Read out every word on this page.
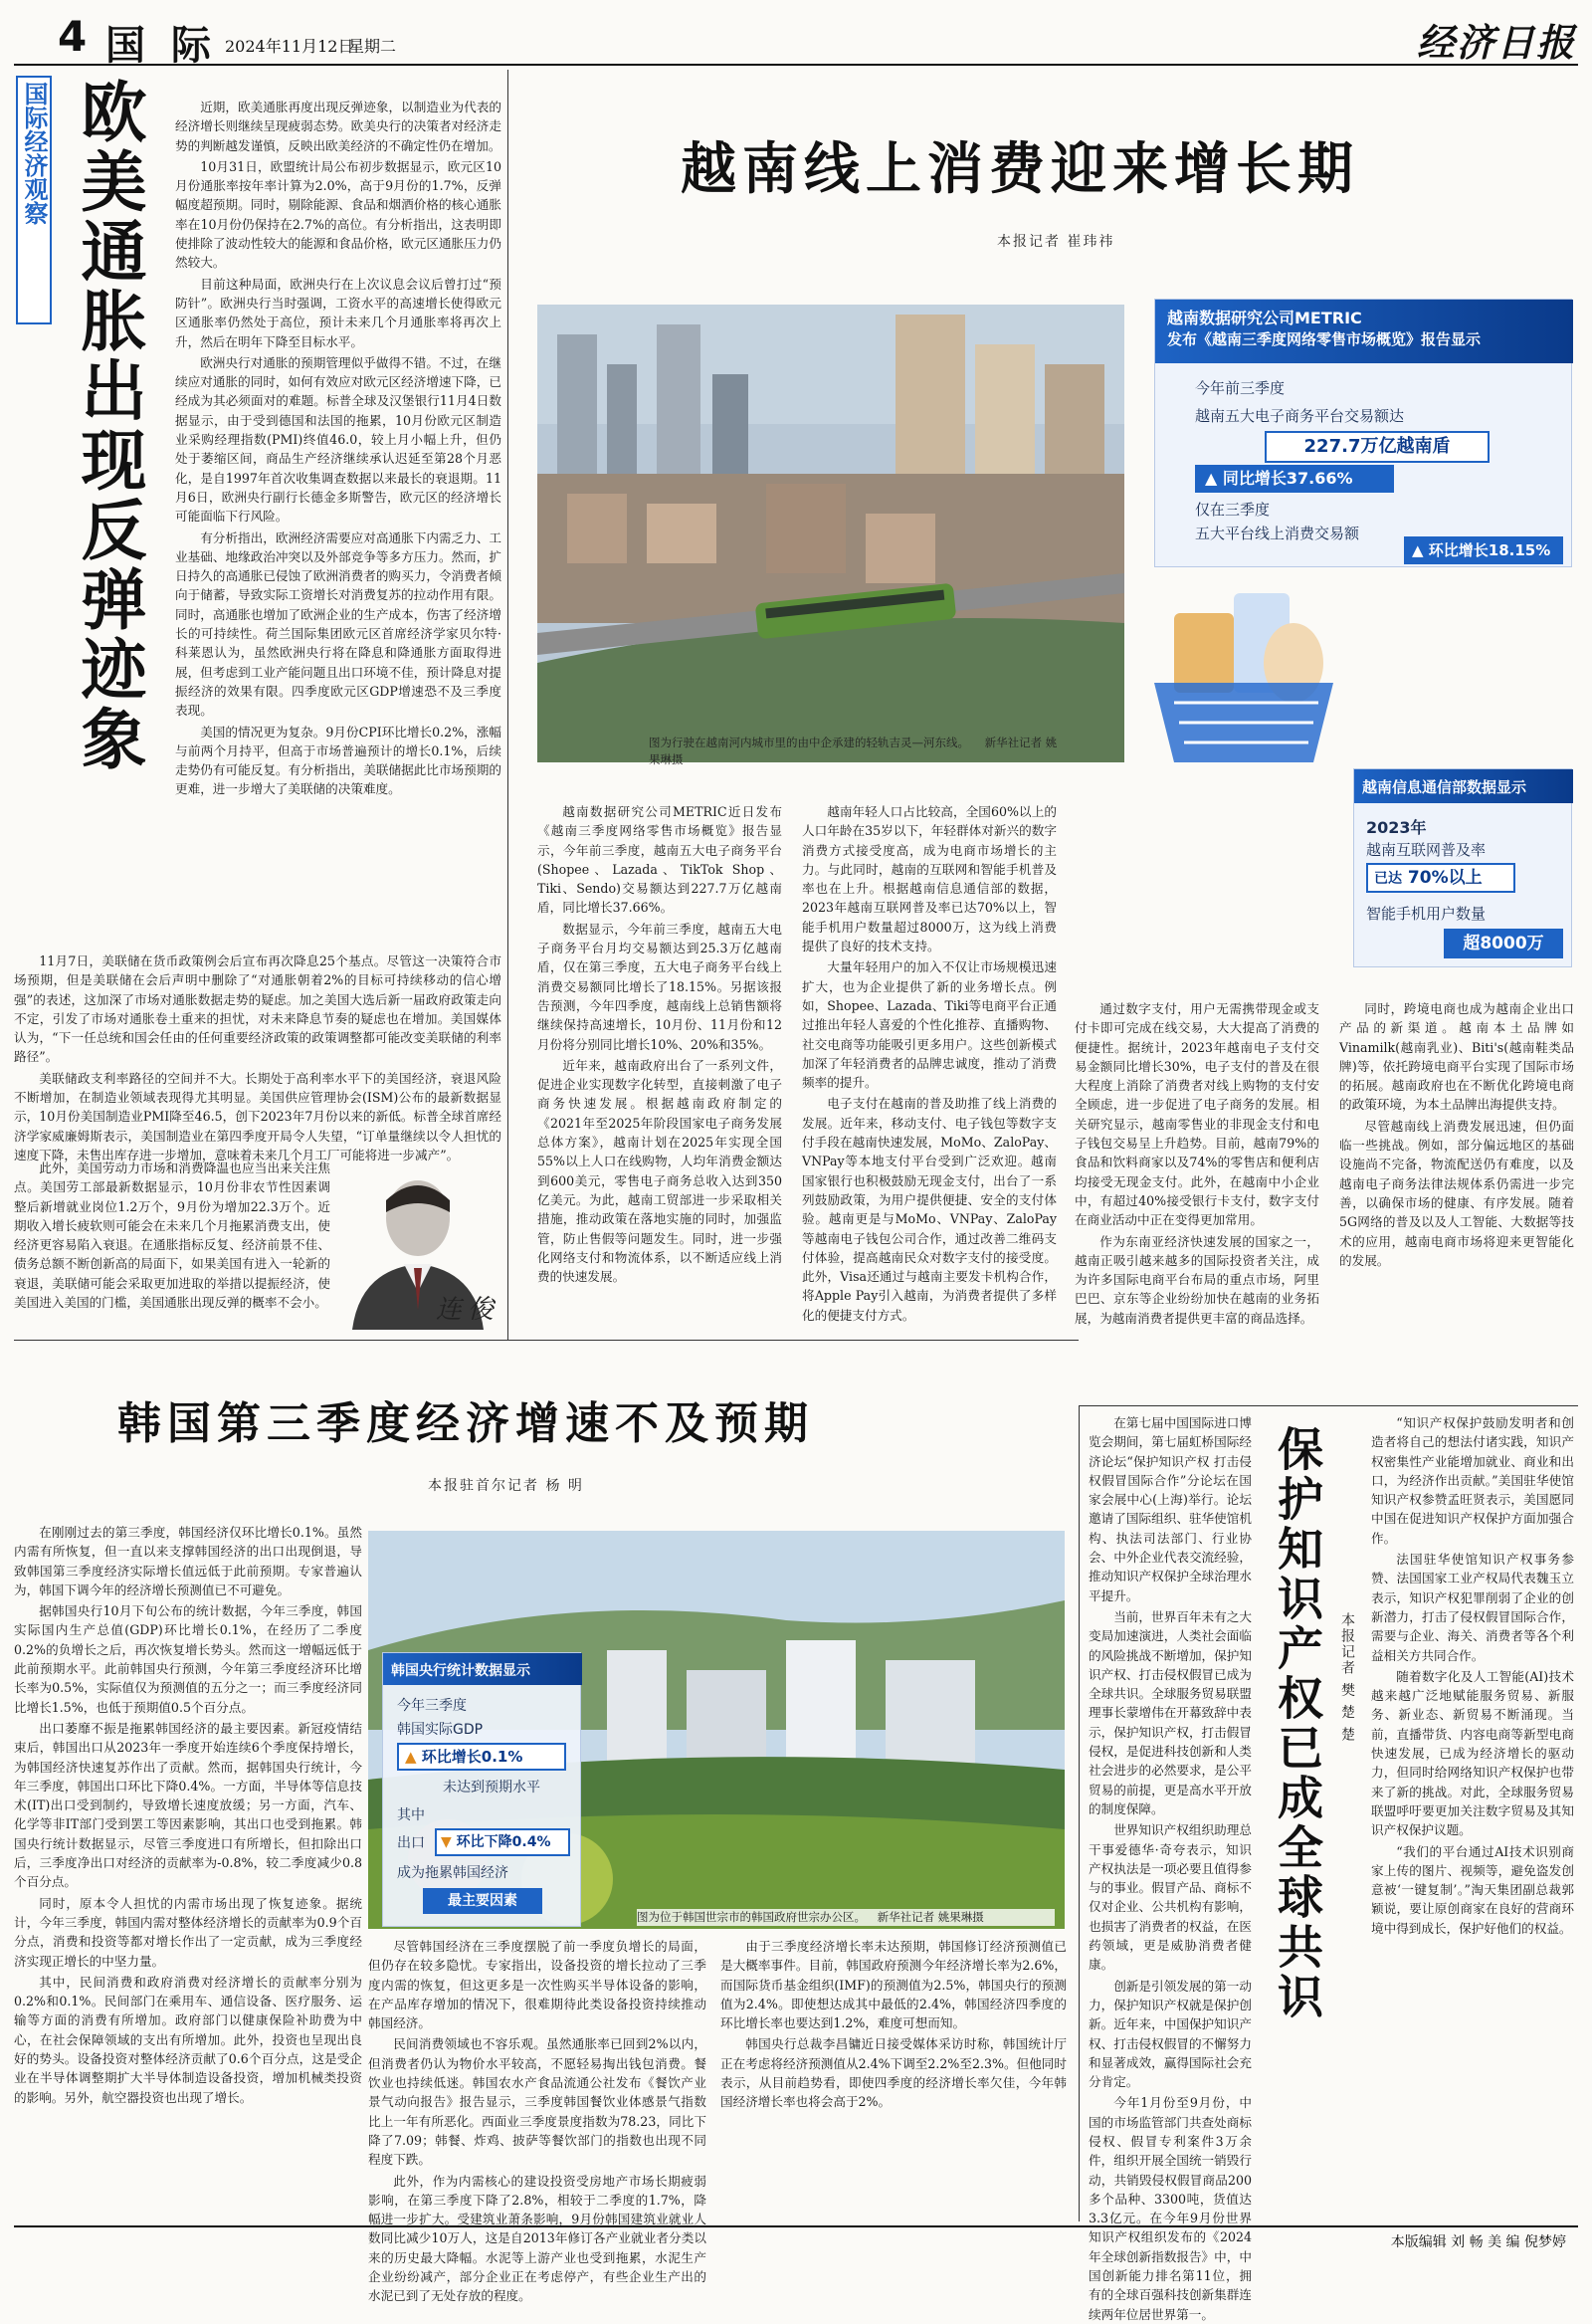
4 国 际 2024年11月12日
星期二	经济日报
国际经济观察 欧美通胀出现反弹迹象	近期，欧美通胀再度出现反弹迹象，以制造业为代表的经济增长则继续呈现疲弱态势。欧美央行的决策者对经济走势的判断越发谨慎，反映出欧美经济的不确定性仍在增加。

10月31日，欧盟统计局公布初步数据显示，欧元区10月份通胀率按年率计算为2.0%，高于9月份的1.7%，反弹幅度超预期。同时，剔除能源、食品和烟酒价格的核心通胀率在10月份仍保持在2.7%的高位。有分析指出，这表明即使排除了波动性较大的能源和食品价格，欧元区通胀压力仍然较大。

目前这种局面，欧洲央行在上次议息会议后曾打过“预防针”。欧洲央行当时强调，工资水平的高速增长使得欧元区通胀率仍然处于高位，预计未来几个月通胀率将再次上升，然后在明年下降至目标水平。

欧洲央行对通胀的预期管理似乎做得不错。不过，在继续应对通胀的同时，如何有效应对欧元区经济增速下降，已经成为其必须面对的难题。标普全球及汉堡银行11月4日数据显示，由于受到德国和法国的拖累，10月份欧元区制造业采购经理指数(PMI)终值46.0，较上月小幅上升，但仍处于萎缩区间，商品生产经济继续承认迟延至第28个月恶化，是自1997年首次收集调查数据以来最长的衰退期。11月6日，欧洲央行副行长德金多斯警告，欧元区的经济增长可能面临下行风险。

有分析指出，欧洲经济需要应对高通胀下内需乏力、工业基础、地缘政治冲突以及外部竞争等多方压力。然而，扩日持久的高通胀已侵蚀了欧洲消费者的购买力，令消费者倾向于储蓄，导致实际工资增长对消费复苏的拉动作用有限。同时，高通胀也增加了欧洲企业的生产成本，伤害了经济增长的可持续性。荷兰国际集团欧元区首席经济学家贝尔特·科莱恩认为，虽然欧洲央行将在降息和降通胀方面取得进展，但考虑到工业产能问题且出口环境不佳，预计降息对提振经济的效果有限。四季度欧元区GDP增速恐不及三季度表现。

美国的情况更为复杂。9月份CPI环比增长0.2%，涨幅与前两个月持平，但高于市场普遍预计的增长0.1%，后续走势仍有可能反复。有分析指出，美联储据此比市场预期的更难，进一步增大了美联储的决策难度。

11月7日，美联储在货币政策例会后宣布再次降息25个基点。尽管这一决策符合市场预期，但是美联储在会后声明中删除了“对通胀朝着2%的目标可持续移动的信心增强”的表述，这加深了市场对通胀数据走势的疑虑。加之美国大选后新一届政府政策走向不定，引发了市场对通胀卷土重来的担忧，对未来降息节奏的疑虑也在增加。美国媒体认为，“下一任总统和国会任由的任何重要经济政策的政策调整都可能改变美联储的利率路径”。

美联储政支利率路径的空间并不大。长期处于高利率水平下的美国经济，衰退风险不断增加，在制造业领域表现得尤其明显。美国供应管理协会(ISM)公布的最新数据显示，10月份美国制造业PMI降至46.5，创下2023年7月份以来的新低。标普全球首席经济学家威廉姆斯表示，美国制造业在第四季度开局令人失望，“订单量继续以令人担忧的速度下降，未售出库存进一步增加，意味着未来几个月工厂可能将进一步减产”。

此外，美国劳动力市场和消费降温也应当出来关注焦点。美国劳工部最新数据显示，10月份非农节性因素调整后新增就业岗位1.2万个，9月份为增加22.3万个。近期收入增长疲软则可能会在未来几个月拖累消费支出，使经济更容易陷入衰退。在通胀指标反复、经济前景不佳、债务总额不断创新高的局面下，如果美国有进入一轮新的衰退，美联储可能会采取更加进取的举措以提振经济，使美国进入美国的门槛，美国通胀出现反弹的概率不会小。	连俊
越南线上消费迎来增长期
本报记者 崔玮祎
图为行驶在越南河内城市里的由中企承建的轻轨吉灵—河东线。 新华社记者 姚果琳摄
越南数据研究公司METRIC
发布《越南三季度网络零售市场概览》报告显示
今年前三季度
越南五大电子商务平台交易额达
227.7万亿越南盾
▲ 同比增长37.66%
仅在三季度
五大平台线上消费交易额
▲ 环比增长18.15%
越南信息通信部数据显示
2023年
越南互联网普及率
已达 70%以上
智能手机用户数量
超8000万

越南数据研究公司METRIC近日发布《越南三季度网络零售市场概览》报告显示，今年前三季度，越南五大电子商务平台(Shopee、Lazada、TikTok Shop、Tiki、Sendo)交易额达到227.7万亿越南盾，同比增长37.66%。

数据显示，今年前三季度，越南五大电子商务平台月均交易额达到25.3万亿越南盾，仅在第三季度，五大电子商务平台线上消费交易额同比增长了18.15%。另据该报告预测，今年四季度，越南线上总销售额将继续保持高速增长，10月份、11月份和12月份将分别同比增长10%、20%和35%。

近年来，越南政府出台了一系列文件，促进企业实现数字化转型，直接刺激了电子商务快速发展。根据越南政府制定的《2021年至2025年阶段国家电子商务发展总体方案》，越南计划在2025年实现全国55%以上人口在线购物，人均年消费金额达到600美元，零售电子商务总收入达到350亿美元。为此，越南工贸部进一步采取相关措施，推动政策在落地实施的同时，加强监管，防止售假等问题发生。同时，进一步强化网络支付和物流体系，以不断适应线上消费的快速发展。

越南年轻人口占比较高，全国60%以上的人口年龄在35岁以下，年轻群体对新兴的数字消费方式接受度高，成为电商市场增长的主力。与此同时，越南的互联网和智能手机普及率也在上升。根据越南信息通信部的数据，2023年越南互联网普及率已达70%以上，智能手机用户数量超过8000万，这为线上消费提供了良好的技术支持。

大量年轻用户的加入不仅让市场规模迅速扩大，也为企业提供了新的业务增长点。例如，Shopee、Lazada、Tiki等电商平台正通过推出年轻人喜爱的个性化推荐、直播购物、社交电商等功能吸引更多用户。这些创新模式加深了年轻消费者的品牌忠诚度，推动了消费频率的提升。

电子支付在越南的普及助推了线上消费的发展。近年来，移动支付、电子钱包等数字支付手段在越南快速发展，MoMo、ZaloPay、VNPay等本地支付平台受到广泛欢迎。越南国家银行也积极鼓励无现金支付，出台了一系列鼓励政策，为用户提供便捷、安全的支付体验。越南更是与MoMo、VNPay、ZaloPay等越南电子钱包公司合作，通过改善二维码支付体验，提高越南民众对数字支付的接受度。此外，Visa还通过与越南主要发卡机构合作，将Apple Pay引入越南，为消费者提供了多样化的便捷支付方式。

通过数字支付，用户无需携带现金或支付卡即可完成在线交易，大大提高了消费的便捷性。据统计，2023年越南电子支付交易金额同比增长30%，电子支付的普及在很大程度上消除了消费者对线上购物的支付安全顾虑，进一步促进了电子商务的发展。相关研究显示，越南零售业的非现金支付和电子钱包交易呈上升趋势。目前，越南79%的食品和饮料商家以及74%的零售店和便利店均接受无现金支付。此外，在越南中小企业中，有超过40%接受银行卡支付，数字支付在商业活动中正在变得更加常用。

作为东南亚经济快速发展的国家之一，越南正吸引越来越多的国际投资者关注，成为许多国际电商平台布局的重点市场，阿里巴巴、京东等企业纷纷加快在越南的业务拓展，为越南消费者提供更丰富的商品选择。

同时，跨境电商也成为越南企业出口产品的新渠道。越南本土品牌如Vinamilk(越南乳业)、Biti's(越南鞋类品牌)等，依托跨境电商平台实现了国际市场的拓展。越南政府也在不断优化跨境电商的政策环境，为本土品牌出海提供支持。

尽管越南线上消费发展迅速，但仍面临一些挑战。例如，部分偏远地区的基础设施尚不完备，物流配送仍有难度，以及越南电子商务法律法规体系仍需进一步完善，以确保市场的健康、有序发展。随着5G网络的普及以及人工智能、大数据等技术的应用，越南电商市场将迎来更智能化的发展。

韩国第三季度经济增速不及预期
本报驻首尔记者 杨 明

在刚刚过去的第三季度，韩国经济仅环比增长0.1%。虽然内需有所恢复，但一直以来支撑韩国经济的出口出现倒退，导致韩国第三季度经济实际增长值远低于此前预期。专家普遍认为，韩国下调今年的经济增长预测值已不可避免。

据韩国央行10月下旬公布的统计数据，今年三季度，韩国实际国内生产总值(GDP)环比增长0.1%，在经历了二季度0.2%的负增长之后，再次恢复增长势头。然而这一增幅远低于此前预期水平。此前韩国央行预测，今年第三季度经济环比增长率为0.5%，实际值仅为预测值的五分之一；而三季度经济同比增长1.5%，也低于预期值0.5个百分点。

出口萎靡不振是拖累韩国经济的最主要因素。新冠疫情结束后，韩国出口从2023年一季度开始连续6个季度保持增长，为韩国经济快速复苏作出了贡献。然而，据韩国央行统计，今年三季度，韩国出口环比下降0.4%。一方面，半导体等信息技术(IT)出口受到制约，导致增长速度放缓；另一方面，汽车、化学等非IT部门受到罢工等因素影响，其出口也受到拖累。韩国央行统计数据显示，尽管三季度进口有所增长，但扣除出口后，三季度净出口对经济的贡献率为-0.8%，较二季度减少0.8个百分点。

同时，原本令人担忧的内需市场出现了恢复迹象。据统计，今年三季度，韩国内需对整体经济增长的贡献率为0.9个百分点，消费和投资等都对增长作出了一定贡献，成为三季度经济实现正增长的中坚力量。

其中，民间消费和政府消费对经济增长的贡献率分别为0.2%和0.1%。民间部门在乘用车、通信设备、医疗服务、运输等方面的消费有所增加。政府部门以健康保险补助费为中心，在社会保障领域的支出有所增加。此外，投资也呈现出良好的势头。设备投资对整体经济贡献了0.6个百分点，这是受企业在半导体调整期扩大半导体制造设备投资，增加机械类投资的影响。另外，航空器投资也出现了增长。

韩国央行统计数据显示
今年三季度
韩国实际GDP
▲ 环比增长0.1%
未达到预期水平
其中
出口	▼ 环比下降0.4%
成为拖累韩国经济
最主要因素
图为位于韩国世宗市的韩国政府世宗办公区。 新华社记者 姚果琳摄

尽管韩国经济在三季度摆脱了前一季度负增长的局面，但仍存在较多隐忧。专家指出，设备投资的增长拉动了三季度内需的恢复，但这更多是一次性购买半导体设备的影响，在产品库存增加的情况下，很难期待此类设备投资持续推动韩国经济。

民间消费领域也不容乐观。虽然通胀率已回到2%以内，但消费者仍认为物价水平较高，不愿轻易掏出钱包消费。餐饮业也持续低迷。韩国农水产食品流通公社发布《餐饮产业景气动向报告》报告显示，三季度韩国餐饮业体感景气指数比上一年有所恶化。西面业三季度景度指数为78.23，同比下降了7.09；韩餐、炸鸡、披萨等餐饮部门的指数也出现不同程度下跌。

此外，作为内需核心的建设投资受房地产市场长期疲弱影响，在第三季度下降了2.8%，相较于二季度的1.7%，降幅进一步扩大。受建筑业萧条影响，9月份韩国建筑业就业人数同比减少10万人，这是自2013年修订各产业就业者分类以来的历史最大降幅。水泥等上游产业也受到拖累，水泥生产企业纷纷减产，部分企业正在考虑停产，有些企业生产出的水泥已到了无处存放的程度。

由于三季度经济增长率未达预期，韩国修订经济预测值已是大概率事件。目前，韩国政府预测今年经济增长率为2.6%，而国际货币基金组织(IMF)的预测值为2.5%，韩国央行的预测值为2.4%。即使想达成其中最低的2.4%，韩国经济四季度的环比增长率也要达到1.2%，难度可想而知。

韩国央行总裁李昌镛近日接受媒体采访时称，韩国统计厅正在考虑将经济预测值从2.4%下调至2.2%至2.3%。但他同时表示，从目前趋势看，即使四季度的经济增长率欠佳，今年韩国经济增长率也将会高于2%。

在第七届中国国际进口博览会期间，第七届虹桥国际经济论坛“保护知识产权 打击侵权假冒国际合作”分论坛在国家会展中心(上海)举行。论坛邀请了国际组织、驻华使馆机构、执法司法部门、行业协会、中外企业代表交流经验，推动知识产权保护全球治理水平提升。

当前，世界百年未有之大变局加速演进，人类社会面临的风险挑战不断增加，保护知识产权、打击侵权假冒已成为全球共识。全球服务贸易联盟理事长蒙增伟在开幕致辞中表示，保护知识产权，打击假冒侵权，是促进科技创新和人类社会进步的必然要求，是公平贸易的前提，更是高水平开放的制度保障。

世界知识产权组织助理总干事爱德华·奇夸表示，知识产权执法是一项必要且值得参与的事业。假冒产品、商标不仅对企业、公共机构有影响，也损害了消费者的权益，在医药领域，更是威胁消费者健康。

创新是引领发展的第一动力，保护知识产权就是保护创新。近年来，中国保护知识产权、打击侵权假冒的不懈努力和显著成效，赢得国际社会充分肯定。

今年1月份至9月份，中国的市场监管部门共查处商标侵权、假冒专利案件3万余件，组织开展全国统一销毁行动，共销毁侵权假冒商品200多个品种、3300吨，货值达3.3亿元。在今年9月份世界知识产权组织发布的《2024年全球创新指数报告》中，中国创新能力排名第11位，拥有的全球百强科技创新集群连续两年位居世界第一。

保护知识产权已成全球共识 本报记者 樊 楚 楚

“知识产权保护鼓励发明者和创造者将自己的想法付诸实践，知识产权密集性产业能增加就业、商业和出口，为经济作出贡献。”美国驻华使馆知识产权参赞孟旺贤表示，美国愿同中国在促进知识产权保护方面加强合作。

法国驻华使馆知识产权事务参赞、法国国家工业产权局代表魏玉立表示，知识产权犯罪削弱了企业的创新潜力，打击了侵权假冒国际合作，需要与企业、海关、消费者等各个利益相关方共同合作。

随着数字化及人工智能(AI)技术越来越广泛地赋能服务贸易、新服务、新业态、新贸易不断涌现。当前，直播带货、内容电商等新型电商快速发展，已成为经济增长的驱动力，但同时给网络知识产权保护也带来了新的挑战。对此，全球服务贸易联盟呼吁要更加关注数字贸易及其知识产权保护议题。

“我们的平台通过AI技术识别商家上传的图片、视频等，避免盗发创意被‘一键复制’。”淘天集团副总裁郭颖说，要让原创商家在良好的营商环境中得到成长，保护好他们的权益。

本版编辑 刘 畅 美 编 倪梦婷
